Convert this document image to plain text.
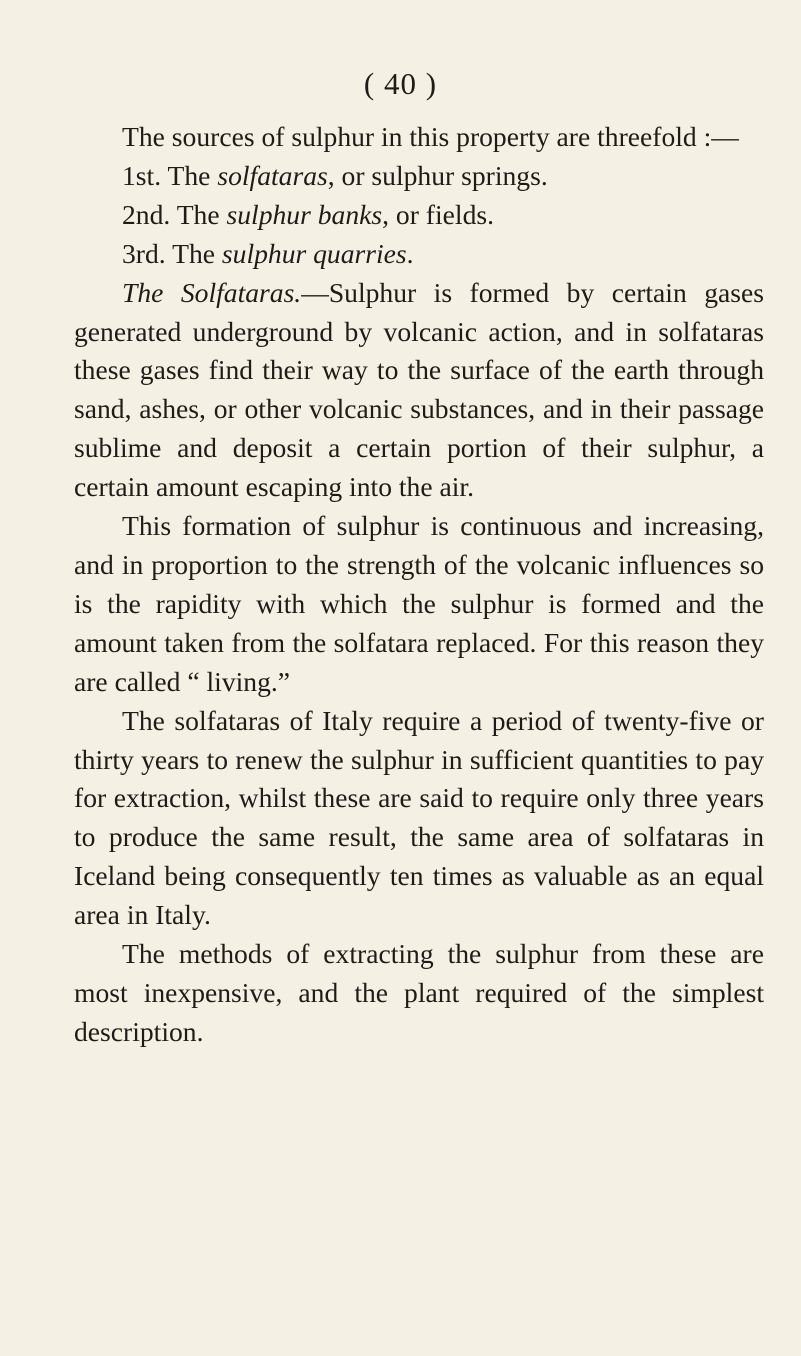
( 40 )

The sources of sulphur in this property are threefold :—

1st. The solfataras, or sulphur springs.

2nd. The sulphur banks, or fields.

3rd. The sulphur quarries.

The Solfataras.—Sulphur is formed by certain gases generated underground by volcanic action, and in solfataras these gases find their way to the surface of the earth through sand, ashes, or other volcanic substances, and in their passage sublime and deposit a certain portion of their sulphur, a certain amount escaping into the air.

This formation of sulphur is continuous and increasing, and in proportion to the strength of the volcanic influences so is the rapidity with which the sulphur is formed and the amount taken from the solfatara replaced. For this reason they are called “ living.”

The solfataras of Italy require a period of twenty-five or thirty years to renew the sulphur in sufficient quantities to pay for extraction, whilst these are said to require only three years to produce the same result, the same area of solfataras in Iceland being consequently ten times as valuable as an equal area in Italy.

The methods of extracting the sulphur from these are most inexpensive, and the plant required of the simplest description.
